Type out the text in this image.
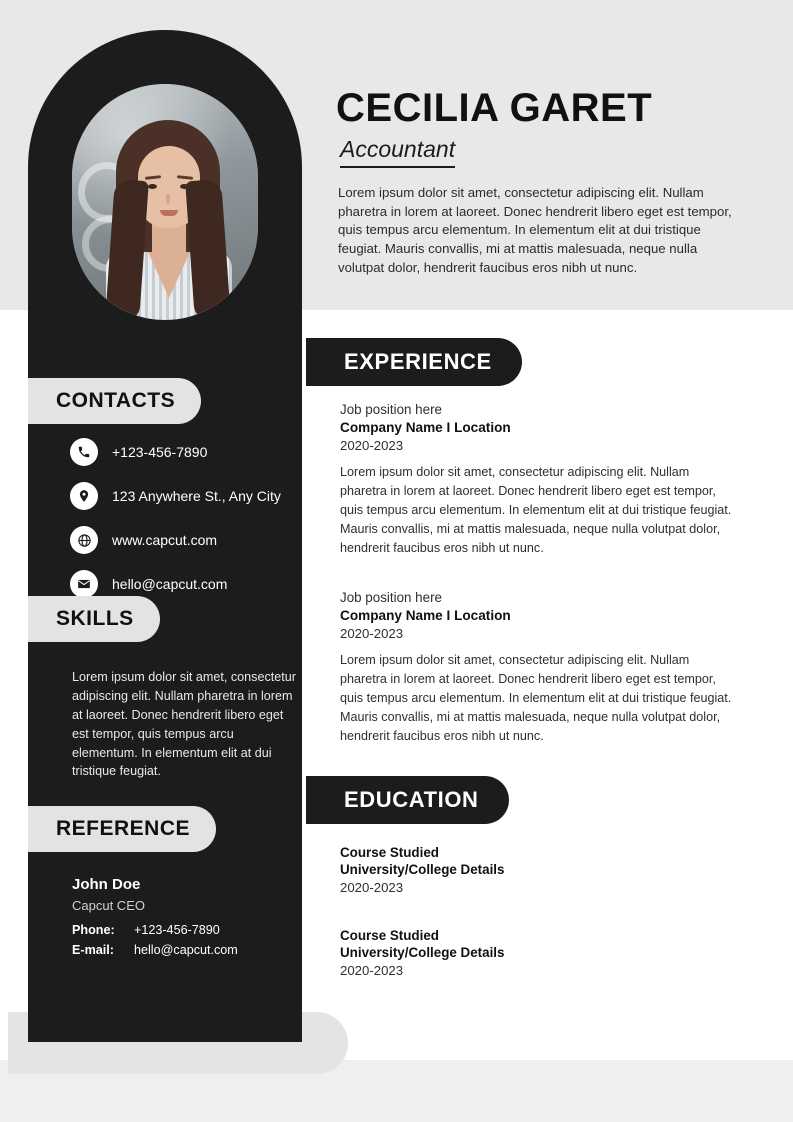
CONTACTS
+123-456-7890
123 Anywhere St., Any City
www.capcut.com
hello@capcut.com
SKILLS
Lorem ipsum dolor sit amet, consectetur adipiscing elit. Nullam pharetra in lorem at laoreet. Donec hendrerit libero eget est tempor, quis tempus arcu elementum. In elementum elit at dui tristique feugiat.
REFERENCE
John Doe
Capcut CEO
Phone:	+123-456-7890
E-mail:	hello@capcut.com
CECILIA GARET
Accountant
Lorem ipsum dolor sit amet, consectetur adipiscing elit. Nullam pharetra in lorem at laoreet. Donec hendrerit libero eget est tempor, quis tempus arcu elementum. In elementum elit at dui tristique feugiat. Mauris convallis, mi at mattis malesuada, neque nulla volutpat dolor, hendrerit faucibus eros nibh ut nunc.
EXPERIENCE
Job position here
Company Name I Location
2020-2023
Lorem ipsum dolor sit amet, consectetur adipiscing elit. Nullam pharetra in lorem at laoreet. Donec hendrerit libero eget est tempor, quis tempus arcu elementum. In elementum elit at dui tristique feugiat. Mauris convallis, mi at mattis malesuada, neque nulla volutpat dolor, hendrerit faucibus eros nibh ut nunc.
Job position here
Company Name I Location
2020-2023
Lorem ipsum dolor sit amet, consectetur adipiscing elit. Nullam pharetra in lorem at laoreet. Donec hendrerit libero eget est tempor, quis tempus arcu elementum. In elementum elit at dui tristique feugiat. Mauris convallis, mi at mattis malesuada, neque nulla volutpat dolor, hendrerit faucibus eros nibh ut nunc.
EDUCATION
Course Studied
University/College Details
2020-2023
Course Studied
University/College Details
2020-2023
